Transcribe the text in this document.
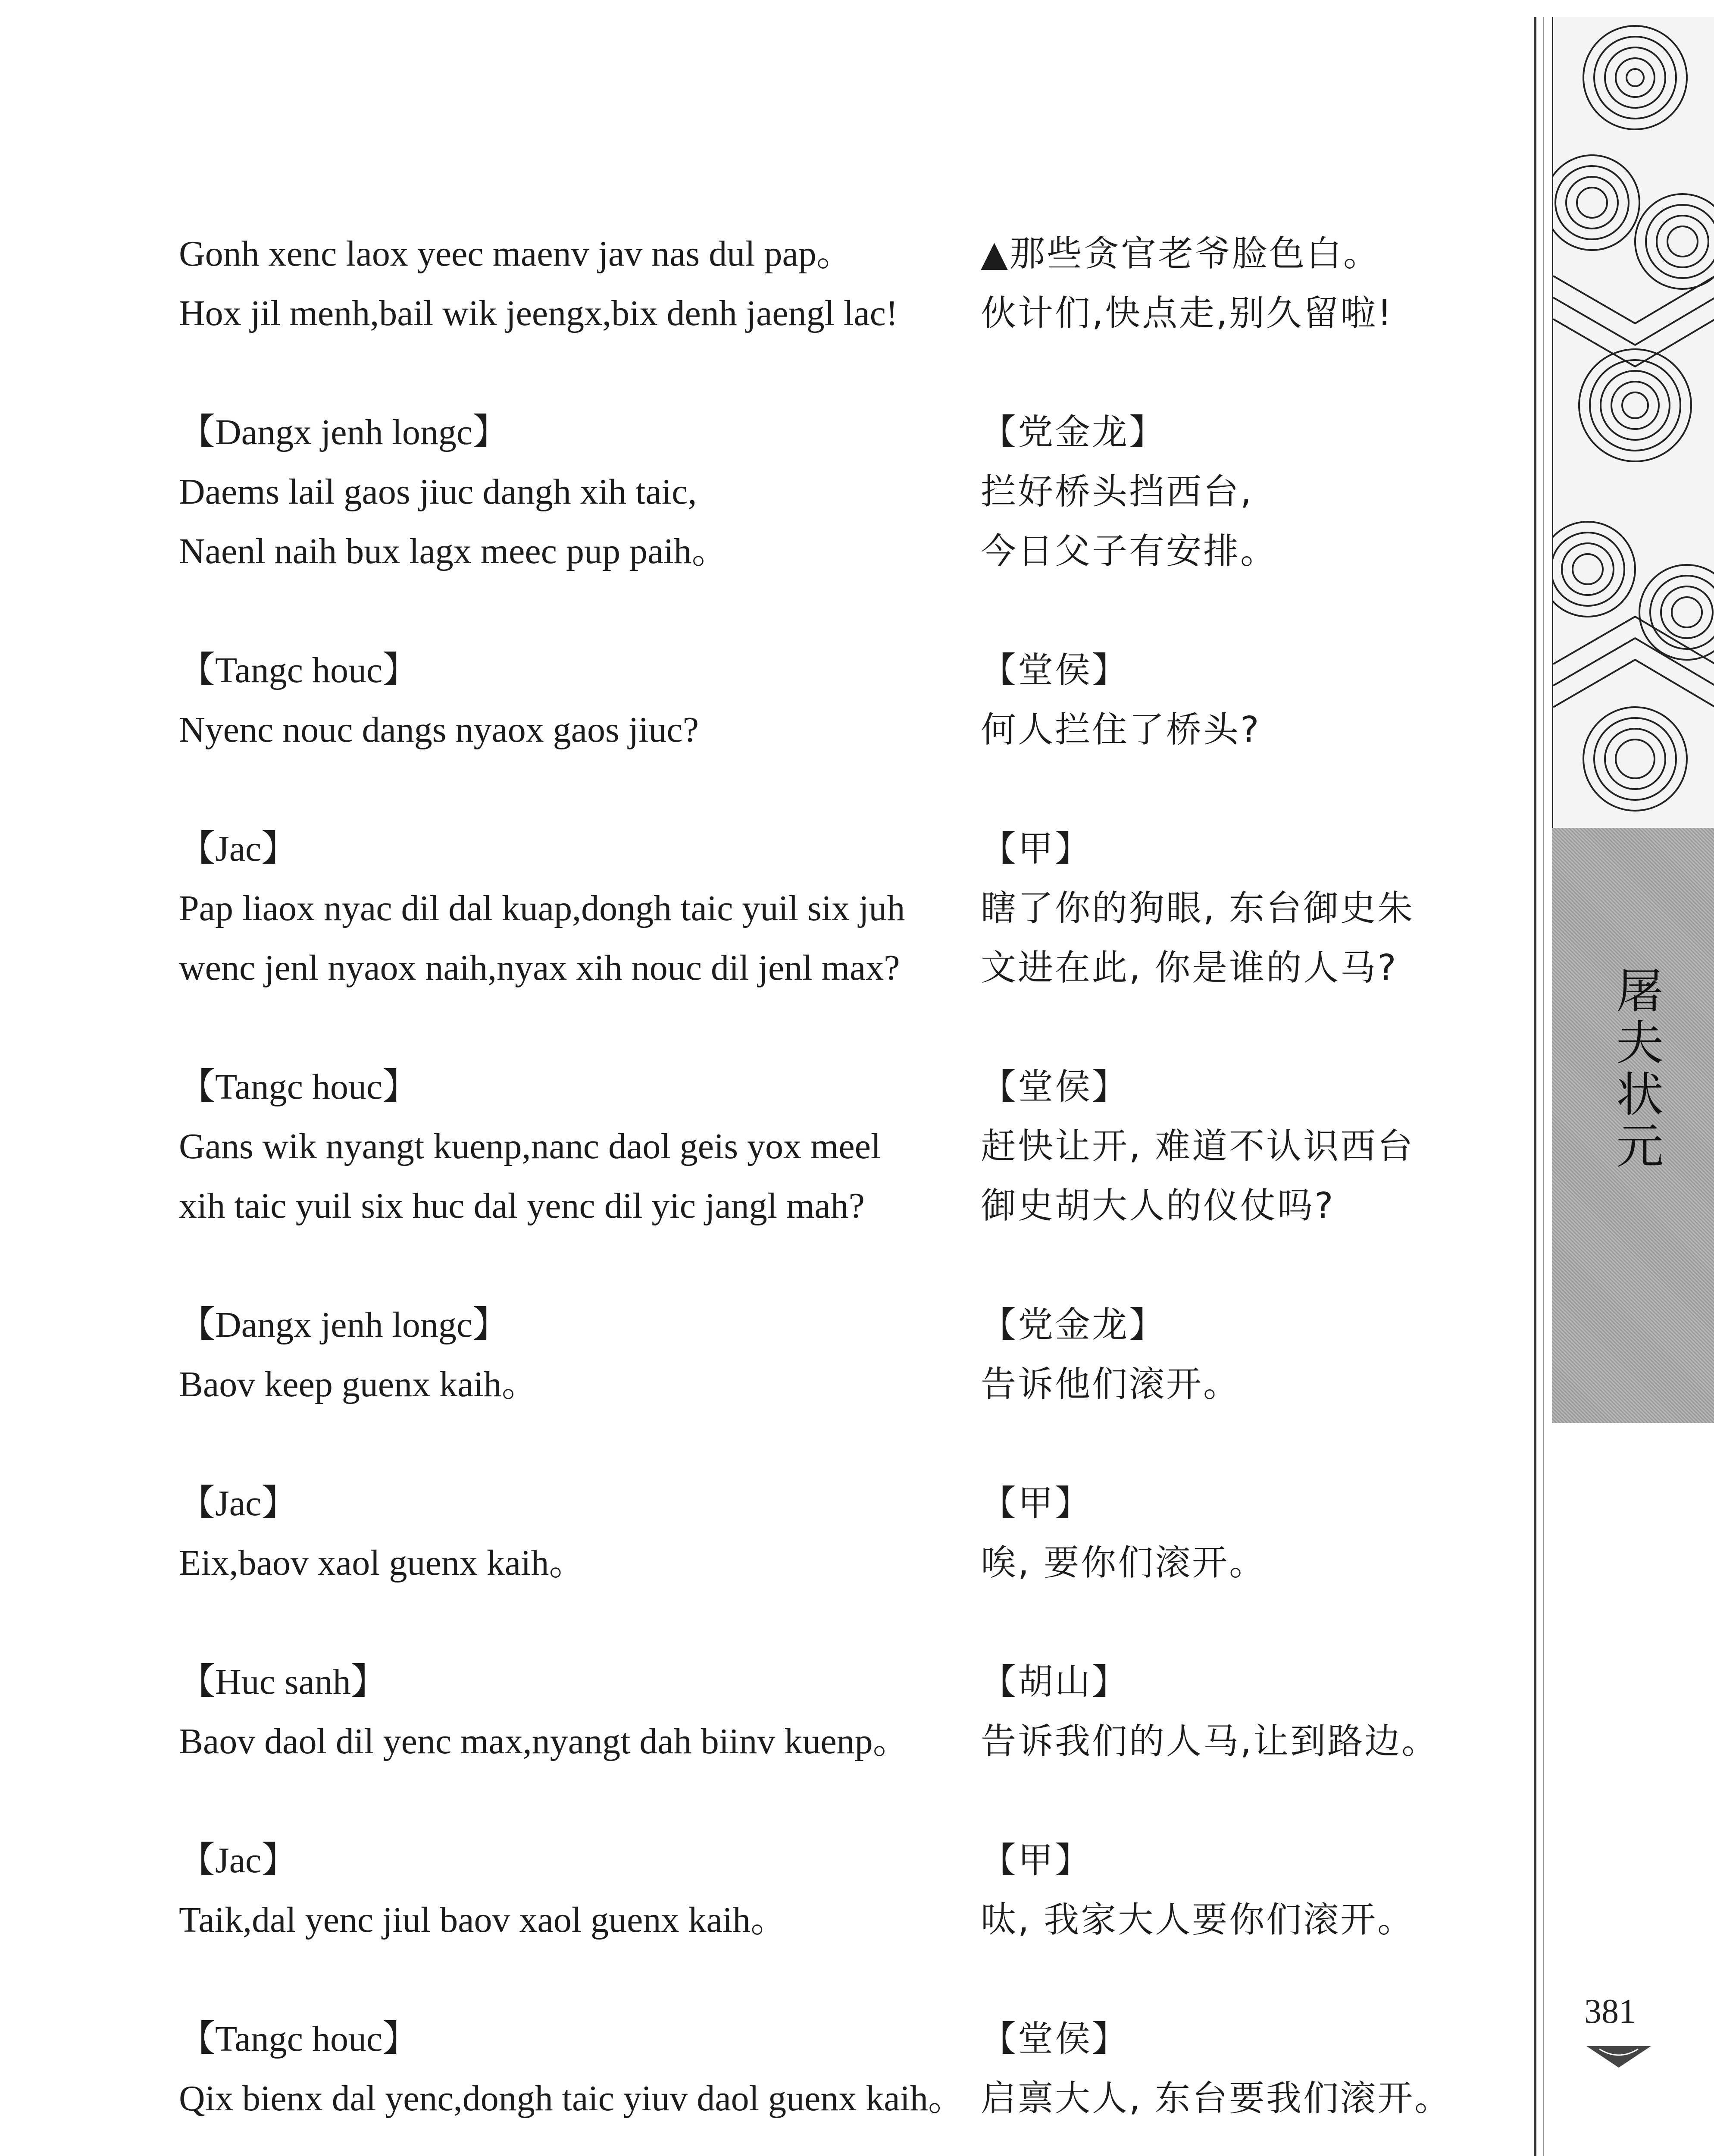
Gonh xenc laox yeec maenv jav nas dul pap。	▲那些贪官老爷脸色白。
Hox jil menh,bail wik jeengx,bix denh jaengl lac! 伙计们,快点走,别久留啦!
【Dangx jenh longc】	【党金龙】
Daems lail gaos jiuc dangh xih taic,	拦好桥头挡西台,
Naenl naih bux lagx meec pup paih。	今日父子有安排。
【Tangc houc】	【堂侯】
Nyenc nouc dangs nyaox gaos jiuc?	何人拦住了桥头?
【Jac】	【甲】
Pap liaox nyac dil dal kuap,dongh taic yuil six juh 瞎了你的狗眼, 东台御史朱
wenc jenl nyaox naih,nyax xih nouc dil jenl max? 文进在此, 你是谁的人马?
【Tangc houc】	【堂侯】
Gans wik nyangt kuenp,nanc daol geis yox meel	赶快让开, 难道不认识西台
xih taic yuil six huc dal yenc dil yic jangl mah?	御史胡大人的仪仗吗?
【Dangx jenh longc】	【党金龙】
Baov keep guenx kaih。	告诉他们滚开。
【Jac】	【甲】
Eix,baov xaol guenx kaih。	唉, 要你们滚开。
【Huc sanh】	【胡山】
Baov daol dil yenc max,nyangt dah biinv kuenp。 告诉我们的人马,让到路边。
【Jac】	【甲】
Taik,dal yenc jiul baov xaol guenx kaih。	呔, 我家大人要你们滚开。
【Tangc houc】	【堂侯】
Qix bienx dal yenc,dongh taic yiuv daol guenx kaih。 启禀大人, 东台要我们滚开。
屠夫状元
381
